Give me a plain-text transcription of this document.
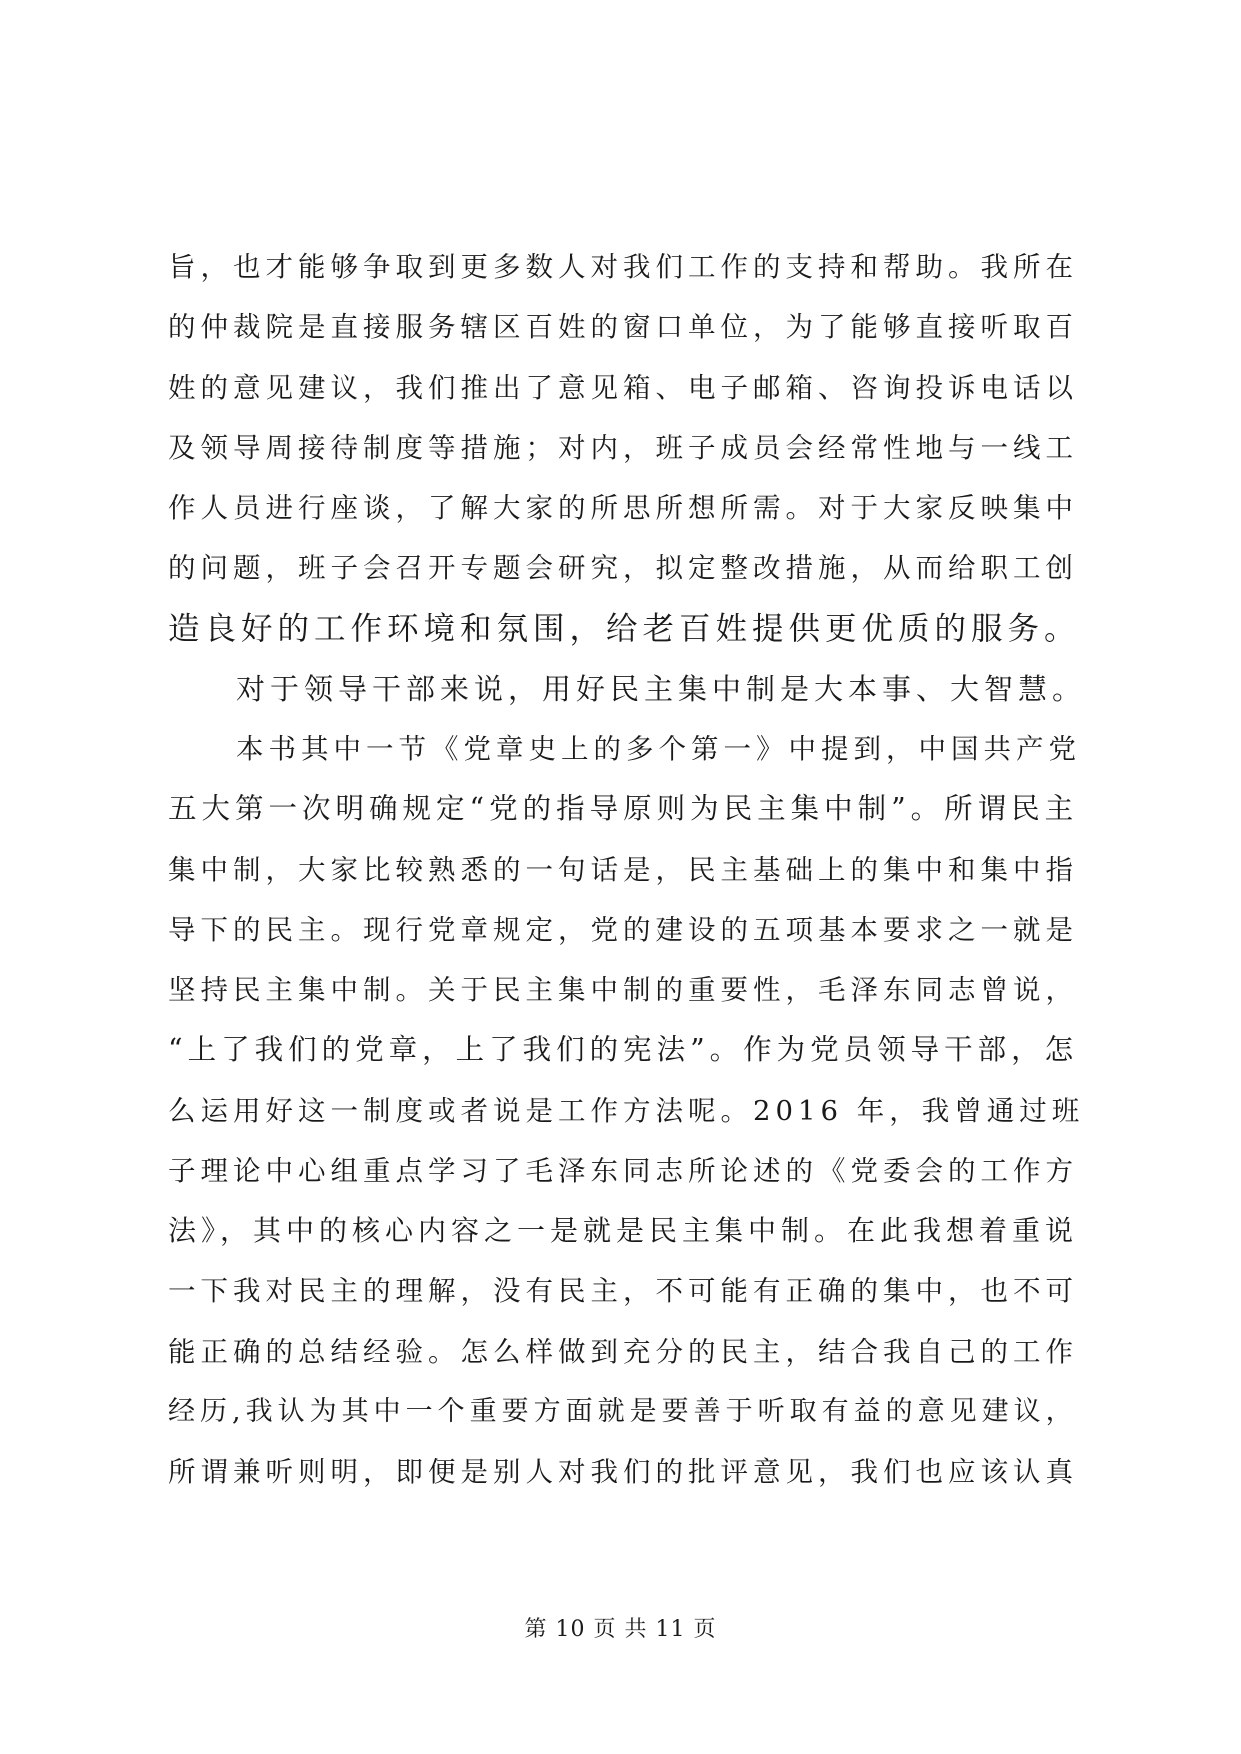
旨，也才能够争取到更多数人对我们工作的支持和帮助。我所在
的仲裁院是直接服务辖区百姓的窗口单位，为了能够直接听取百
姓的意见建议，我们推出了意见箱、电子邮箱、咨询投诉电话以
及领导周接待制度等措施；对内，班子成员会经常性地与一线工
作人员进行座谈，了解大家的所思所想所需。对于大家反映集中
的问题，班子会召开专题会研究，拟定整改措施，从而给职工创
造良好的工作环境和氛围，给老百姓提供更优质的服务。
对于领导干部来说，用好民主集中制是大本事、大智慧。
本书其中一节《党章史上的多个第一》中提到，中国共产党
五大第一次明确规定“党的指导原则为民主集中制”。所谓民主
集中制，大家比较熟悉的一句话是，民主基础上的集中和集中指
导下的民主。现行党章规定，党的建设的五项基本要求之一就是
坚持民主集中制。关于民主集中制的重要性，毛泽东同志曾说，
“上了我们的党章，上了我们的宪法”。作为党员领导干部，怎
么运用好这一制度或者说是工作方法呢。2016 年，我曾通过班
子理论中心组重点学习了毛泽东同志所论述的《党委会的工作方
法》，其中的核心内容之一是就是民主集中制。在此我想着重说
一下我对民主的理解，没有民主，不可能有正确的集中，也不可
能正确的总结经验。怎么样做到充分的民主，结合我自己的工作
经历,我认为其中一个重要方面就是要善于听取有益的意见建议，
所谓兼听则明，即便是别人对我们的批评意见，我们也应该认真
第 10 页 共 11 页
